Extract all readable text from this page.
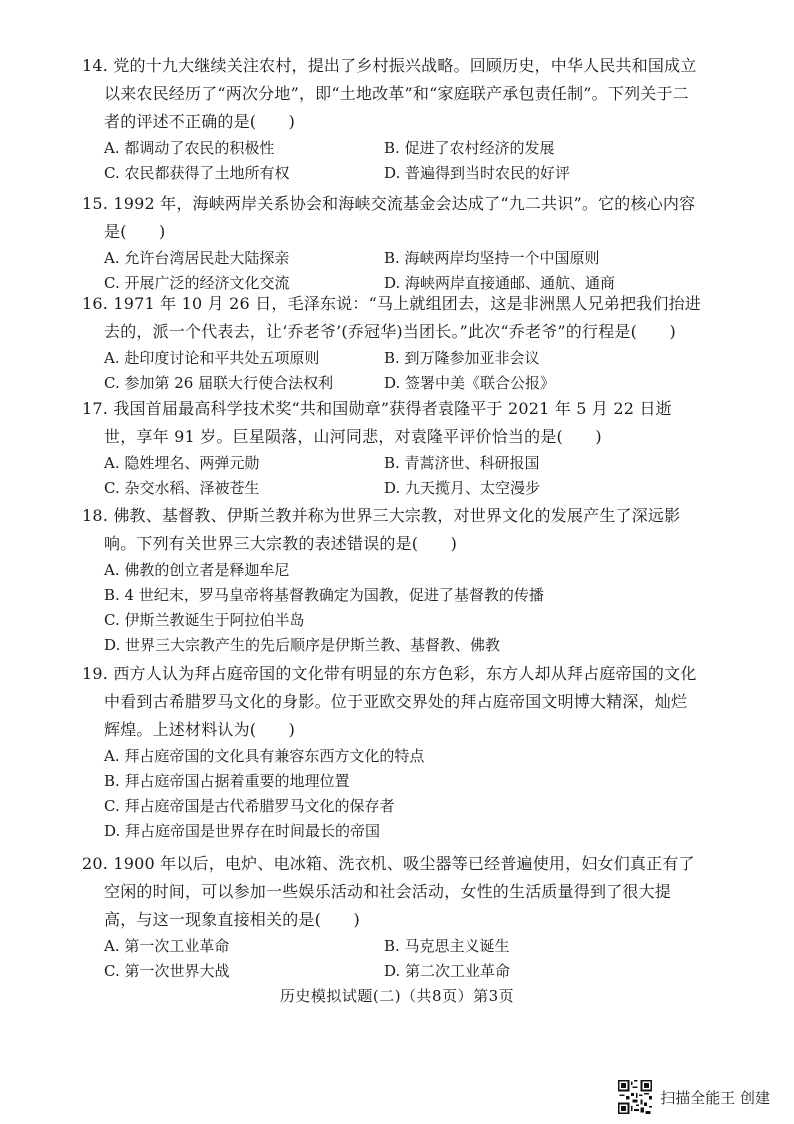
14. 党的十九大继续关注农村，提出了乡村振兴战略。回顾历史，中华人民共和国成立以来农民经历了“两次分地”，即“土地改革”和“家庭联产承包责任制”。下列关于二者的评述不正确的是(　　)

A. 都调动了农民的积极性	B. 促进了农村经济的发展
C. 农民都获得了土地所有权	D. 普遍得到当时农民的好评

15. 1992 年，海峡两岸关系协会和海峡交流基金会达成了“九二共识”。它的核心内容是(　　)

A. 允许台湾居民赴大陆探亲	B. 海峡两岸均坚持一个中国原则
C. 开展广泛的经济文化交流	D. 海峡两岸直接通邮、通航、通商

16. 1971 年 10 月 26 日，毛泽东说：“马上就组团去，这是非洲黑人兄弟把我们抬进去的，派一个代表去，让‘乔老爷’(乔冠华)当团长。”此次“乔老爷”的行程是(　　)

A. 赴印度讨论和平共处五项原则	B. 到万隆参加亚非会议
C. 参加第 26 届联大行使合法权利	D. 签署中美《联合公报》

17. 我国首届最高科学技术奖“共和国勋章”获得者袁隆平于 2021 年 5 月 22 日逝世，享年 91 岁。巨星陨落，山河同悲，对袁隆平评价恰当的是(　　)

A. 隐姓埋名、两弹元勋	B. 青蒿济世、科研报国
C. 杂交水稻、泽被苍生	D. 九天揽月、太空漫步

18. 佛教、基督教、伊斯兰教并称为世界三大宗教，对世界文化的发展产生了深远影响。下列有关世界三大宗教的表述错误的是(　　)

A. 佛教的创立者是释迦牟尼
B. 4 世纪末，罗马皇帝将基督教确定为国教，促进了基督教的传播
C. 伊斯兰教诞生于阿拉伯半岛
D. 世界三大宗教产生的先后顺序是伊斯兰教、基督教、佛教

19. 西方人认为拜占庭帝国的文化带有明显的东方色彩，东方人却从拜占庭帝国的文化中看到古希腊罗马文化的身影。位于亚欧交界处的拜占庭帝国文明博大精深，灿烂辉煌。上述材料认为(　　)

A. 拜占庭帝国的文化具有兼容东西方文化的特点
B. 拜占庭帝国占据着重要的地理位置
C. 拜占庭帝国是古代希腊罗马文化的保存者
D. 拜占庭帝国是世界存在时间最长的帝国

20. 1900 年以后，电炉、电冰箱、洗衣机、吸尘器等已经普遍使用，妇女们真正有了空闲的时间，可以参加一些娱乐活动和社会活动，女性的生活质量得到了很大提高，与这一现象直接相关的是(　　)

A. 第一次工业革命	B. 马克思主义诞生
C. 第一次世界大战	D. 第二次工业革命
历史模拟试题(二)（共8页）第3页
扫描全能王 创建
